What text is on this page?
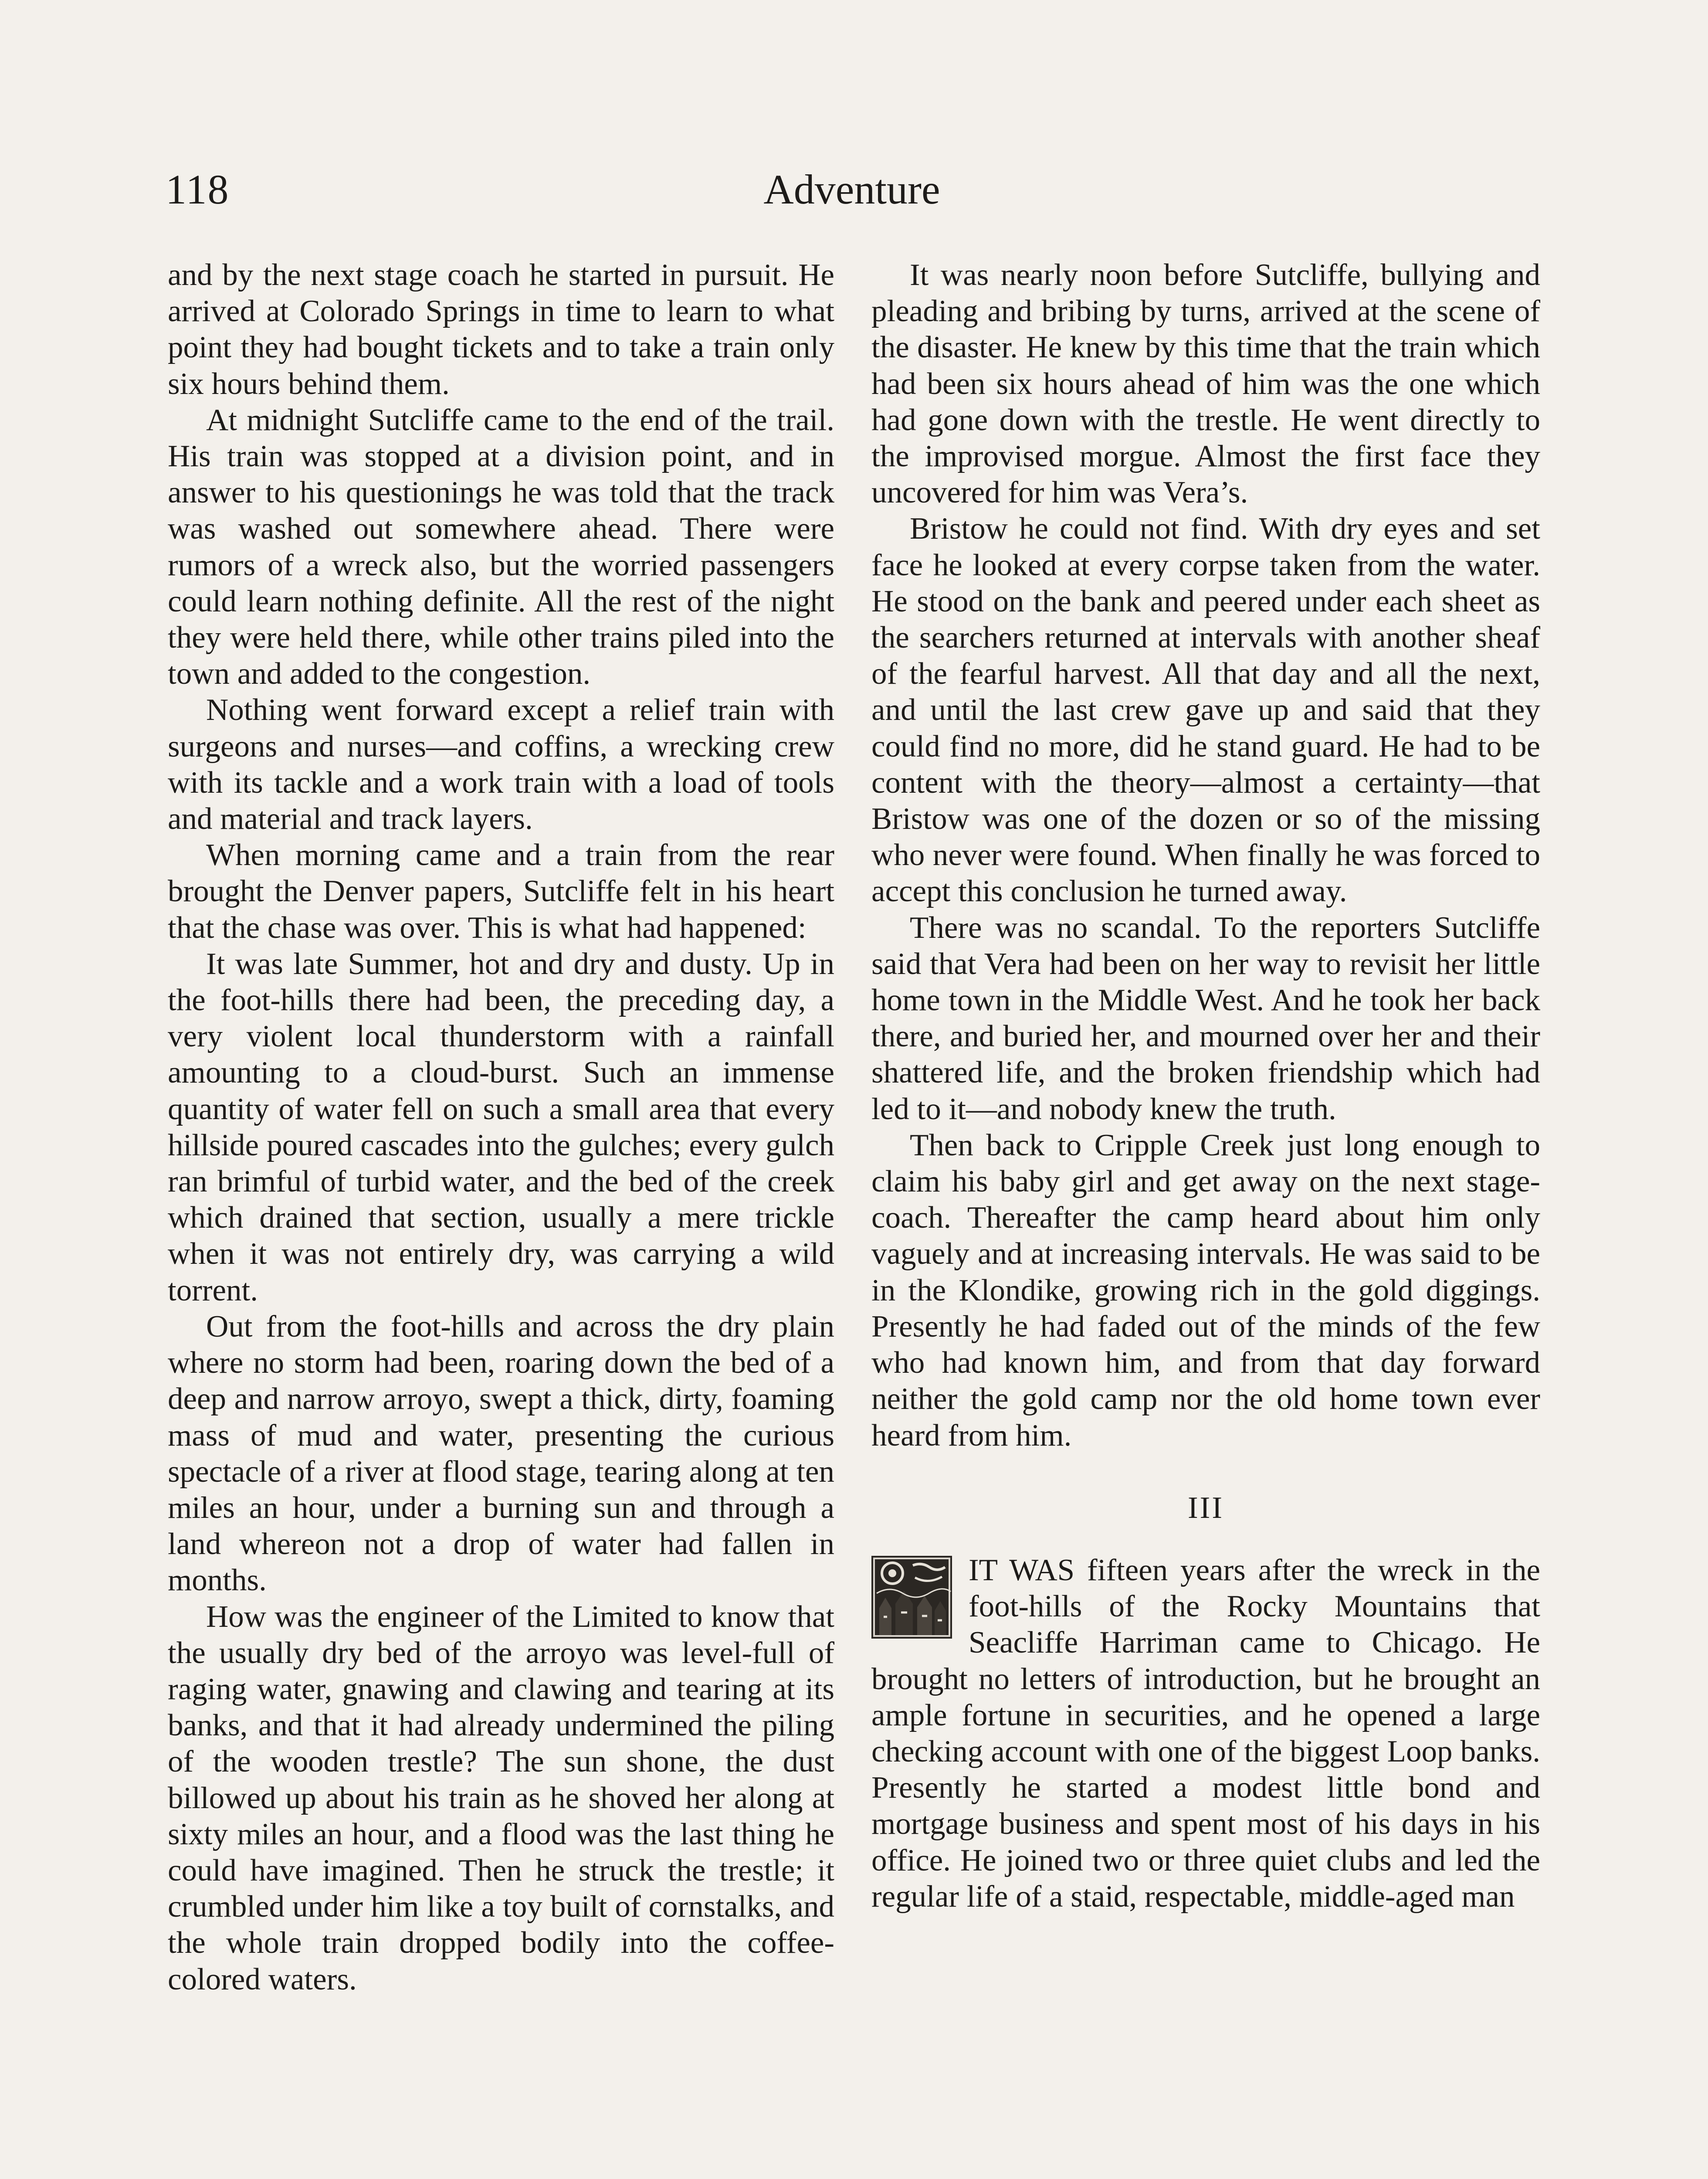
118	Adventure

and by the next stage coach he started in pursuit. He arrived at Colorado Springs in time to learn to what point they had bought tickets and to take a train only six hours behind them.

At midnight Sutcliffe came to the end of the trail. His train was stopped at a division point, and in answer to his questionings he was told that the track was washed out somewhere ahead. There were rumors of a wreck also, but the worried passengers could learn nothing definite. All the rest of the night they were held there, while other trains piled into the town and added to the congestion.

Nothing went forward except a relief train with surgeons and nurses—and coffins, a wrecking crew with its tackle and a work train with a load of tools and material and track layers.

When morning came and a train from the rear brought the Denver papers, Sutcliffe felt in his heart that the chase was over. This is what had happened:

It was late Summer, hot and dry and dusty. Up in the foot-hills there had been, the preceding day, a very violent local thunderstorm with a rainfall amounting to a cloud-burst. Such an immense quantity of water fell on such a small area that every hillside poured cascades into the gulches; every gulch ran brimful of turbid water, and the bed of the creek which drained that section, usually a mere trickle when it was not entirely dry, was carrying a wild torrent.

Out from the foot-hills and across the dry plain where no storm had been, roaring down the bed of a deep and narrow arroyo, swept a thick, dirty, foaming mass of mud and water, presenting the curious spectacle of a river at flood stage, tearing along at ten miles an hour, under a burning sun and through a land whereon not a drop of water had fallen in months.

How was the engineer of the Limited to know that the usually dry bed of the arroyo was level-full of raging water, gnawing and clawing and tearing at its banks, and that it had already undermined the piling of the wooden trestle? The sun shone, the dust billowed up about his train as he shoved her along at sixty miles an hour, and a flood was the last thing he could have imagined. Then he struck the trestle; it crumbled under him like a toy built of cornstalks, and the whole train dropped bodily into the coffee-colored waters.

It was nearly noon before Sutcliffe, bullying and pleading and bribing by turns, arrived at the scene of the disaster. He knew by this time that the train which had been six hours ahead of him was the one which had gone down with the trestle. He went directly to the improvised morgue. Almost the first face they uncovered for him was Vera’s.

Bristow he could not find. With dry eyes and set face he looked at every corpse taken from the water. He stood on the bank and peered under each sheet as the searchers returned at intervals with another sheaf of the fearful harvest. All that day and all the next, and until the last crew gave up and said that they could find no more, did he stand guard. He had to be content with the theory—almost a certainty—that Bristow was one of the dozen or so of the missing who never were found. When finally he was forced to accept this conclusion he turned away.

There was no scandal. To the reporters Sutcliffe said that Vera had been on her way to revisit her little home town in the Middle West. And he took her back there, and buried her, and mourned over her and their shattered life, and the broken friendship which had led to it—and nobody knew the truth.

Then back to Cripple Creek just long enough to claim his baby girl and get away on the next stage-coach. Thereafter the camp heard about him only vaguely and at increasing intervals. He was said to be in the Klondike, growing rich in the gold diggings. Presently he had faded out of the minds of the few who had known him, and from that day forward neither the gold camp nor the old home town ever heard from him.

III

IT WAS fifteen years after the wreck in the foot-hills of the Rocky Mountains that Seacliffe Harriman came to Chicago. He brought no letters of introduction, but he brought an ample fortune in securities, and he opened a large checking account with one of the biggest Loop banks. Presently he started a modest little bond and mortgage business and spent most of his days in his office. He joined two or three quiet clubs and led the regular life of a staid, respectable, middle-aged man
